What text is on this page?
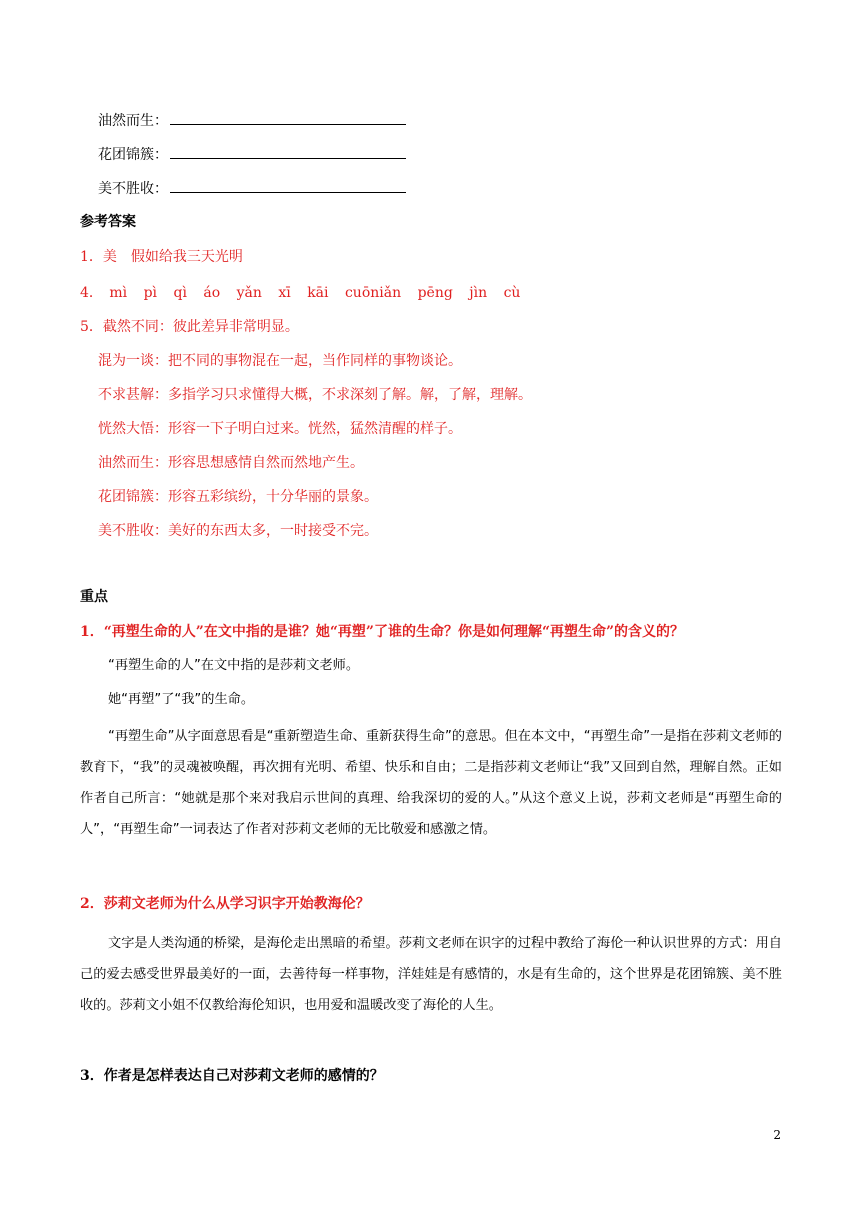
油然而生：
花团锦簇：
美不胜收：
参考答案
1．美　假如给我三天光明
4． mì pì qì áo yǎn xī kāi cuōniǎn pēng jìn cù
5．截然不同：彼此差异非常明显。
混为一谈：把不同的事物混在一起，当作同样的事物谈论。
不求甚解：多指学习只求懂得大概，不求深刻了解。解，了解，理解。
恍然大悟：形容一下子明白过来。恍然，猛然清醒的样子。
油然而生：形容思想感情自然而然地产生。
花团锦簇：形容五彩缤纷，十分华丽的景象。
美不胜收：美好的东西太多，一时接受不完。
重点
1．“再塑生命的人”在文中指的是谁？她“再塑”了谁的生命？你是如何理解“再塑生命”的含义的？
“再塑生命的人”在文中指的是莎莉文老师。
她“再塑”了“我”的生命。
“再塑生命”从字面意思看是“重新塑造生命、重新获得生命”的意思。但在本文中，“再塑生命”一是指在莎莉文老师的教育下，“我”的灵魂被唤醒，再次拥有光明、希望、快乐和自由；二是指莎莉文老师让“我”又回到自然，理解自然。正如作者自己所言：“她就是那个来对我启示世间的真理、给我深切的爱的人。”从这个意义上说，莎莉文老师是“再塑生命的人”，“再塑生命”一词表达了作者对莎莉文老师的无比敬爱和感激之情。
2．莎莉文老师为什么从学习识字开始教海伦？
文字是人类沟通的桥梁，是海伦走出黑暗的希望。莎莉文老师在识字的过程中教给了海伦一种认识世界的方式：用自己的爱去感受世界最美好的一面，去善待每一样事物，洋娃娃是有感情的，水是有生命的，这个世界是花团锦簇、美不胜收的。莎莉文小姐不仅教给海伦知识，也用爱和温暖改变了海伦的人生。
3．作者是怎样表达自己对莎莉文老师的感情的？
2
